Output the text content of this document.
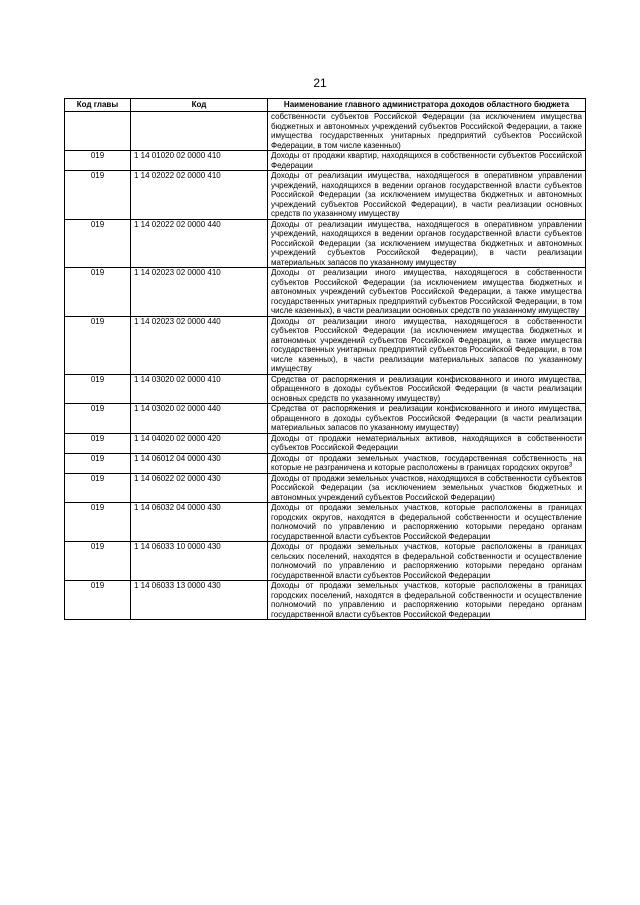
21
Код главы	Код	Наименование главного администратора доходов областного бюджета
		собственности субъектов Российской Федерации (за исключением имущества бюджетных и автономных учреждений субъектов Российской Федерации, а также имущества государственных унитарных предприятий субъектов Российской Федерации, в том числе казенных)
019	1 14 01020 02 0000 410	Доходы от продажи квартир, находящихся в собственности субъектов Российской Федерации
019	1 14 02022 02 0000 410	Доходы от реализации имущества, находящегося в оперативном управлении учреждений, находящихся в ведении органов государственной власти субъектов Российской Федерации (за исключением имущества бюджетных и автономных учреждений субъектов Российской Федерации), в части реализации основных средств по указанному имуществу
019	1 14 02022 02 0000 440	Доходы от реализации имущества, находящегося в оперативном управлении учреждений, находящихся в ведении органов государственной власти субъектов Российской Федерации (за исключением имущества бюджетных и автономных учреждений субъектов Российской Федерации), в части реализации материальных запасов по указанному имуществу
019	1 14 02023 02 0000 410	Доходы от реализации иного имущества, находящегося в собственности субъектов Российской Федерации (за исключением имущества бюджетных и автономных учреждений субъектов Российской Федерации, а также имущества государственных унитарных предприятий субъектов Российской Федерации, в том числе казенных), в части реализации основных средств по указанному имуществу
019	1 14 02023 02 0000 440	Доходы от реализации иного имущества, находящегося в собственности субъектов Российской Федерации (за исключением имущества бюджетных и автономных учреждений субъектов Российской Федерации, а также имущества государственных унитарных предприятий субъектов Российской Федерации, в том числе казенных), в части реализации материальных запасов по указанному имуществу
019	1 14 03020 02 0000 410	Средства от распоряжения и реализации конфискованного и иного имущества, обращенного в доходы субъектов Российской Федерации (в части реализации основных средств по указанному имуществу)
019	1 14 03020 02 0000 440	Средства от распоряжения и реализации конфискованного и иного имущества, обращенного в доходы субъектов Российской Федерации (в части реализации материальных запасов по указанному имуществу)
019	1 14 04020 02 0000 420	Доходы от продажи нематериальных активов, находящихся в собственности субъектов Российской Федерации
019	1 14 06012 04 0000 430	Доходы от продажи земельных участков, государственная собственность на которые не разграничена и которые расположены в границах городских округов$^3$
019	1 14 06022 02 0000 430	Доходы от продажи земельных участков, находящихся в собственности субъектов Российской Федерации (за исключением земельных участков бюджетных и автономных учреждений субъектов Российской Федерации)
019	1 14 06032 04 0000 430	Доходы от продажи земельных участков, которые расположены в границах городских округов, находятся в федеральной собственности и осуществление полномочий по управлению и распоряжению которыми передано органам государственной власти субъектов Российской Федерации
019	1 14 06033 10 0000 430	Доходы от продажи земельных участков, которые расположены в границах сельских поселений, находятся в федеральной собственности и осуществление полномочий по управлению и распоряжению которыми передано органам государственной власти субъектов Российской Федерации
019	1 14 06033 13 0000 430	Доходы от продажи земельных участков, которые расположены в границах городских поселений, находятся в федеральной собственности и осуществление полномочий по управлению и распоряжению которыми передано органам государственной власти субъектов Российской Федерации
